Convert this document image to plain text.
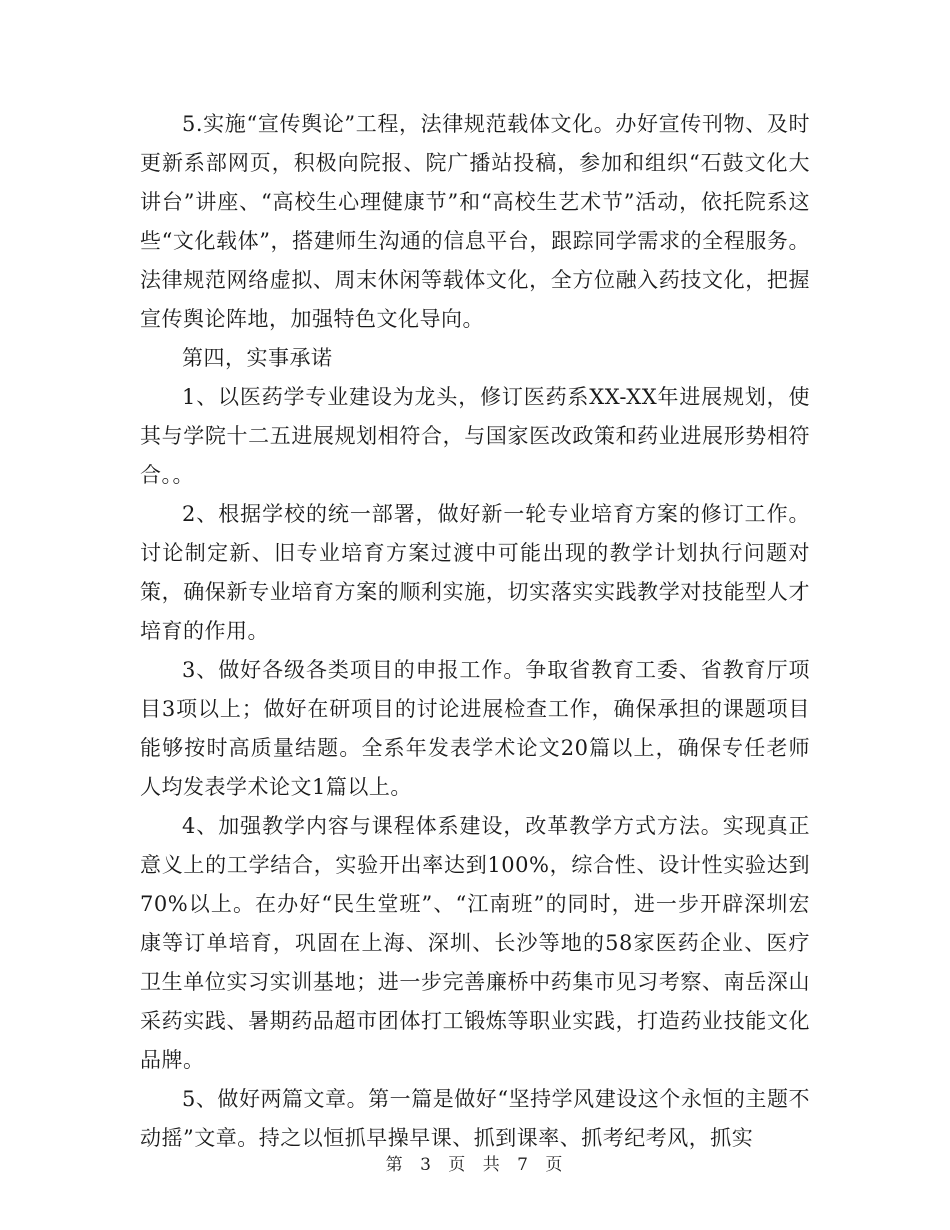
5.实施“宣传舆论”工程，法律规范载体文化。办好宣传刊物、及时更新系部网页，积极向院报、院广播站投稿，参加和组织“石鼓文化大讲台”讲座、“高校生心理健康节”和“高校生艺术节”活动，依托院系这些“文化载体”，搭建师生沟通的信息平台，跟踪同学需求的全程服务。法律规范网络虚拟、周末休闲等载体文化，全方位融入药技文化，把握宣传舆论阵地，加强特色文化导向。

第四，实事承诺

1、以医药学专业建设为龙头，修订医药系XX-XX年进展规划，使其与学院十二五进展规划相符合，与国家医改政策和药业进展形势相符合。。

2、根据学校的统一部署，做好新一轮专业培育方案的修订工作。讨论制定新、旧专业培育方案过渡中可能出现的教学计划执行问题对策，确保新专业培育方案的顺利实施，切实落实实践教学对技能型人才培育的作用。

3、做好各级各类项目的申报工作。争取省教育工委、省教育厅项目3项以上；做好在研项目的讨论进展检查工作，确保承担的课题项目能够按时高质量结题。全系年发表学术论文20篇以上，确保专任老师人均发表学术论文1篇以上。

4、加强教学内容与课程体系建设，改革教学方式方法。实现真正意义上的工学结合，实验开出率达到100%，综合性、设计性实验达到70%以上。在办好“民生堂班”、“江南班”的同时，进一步开辟深圳宏康等订单培育，巩固在上海、深圳、长沙等地的58家医药企业、医疗卫生单位实习实训基地；进一步完善廉桥中药集市见习考察、南岳深山采药实践、暑期药品超市团体打工锻炼等职业实践，打造药业技能文化品牌。

5、做好两篇文章。第一篇是做好“坚持学风建设这个永恒的主题不动摇”文章。持之以恒抓早操早课、抓到课率、抓考纪考风，抓实

第 3 页 共 7 页
